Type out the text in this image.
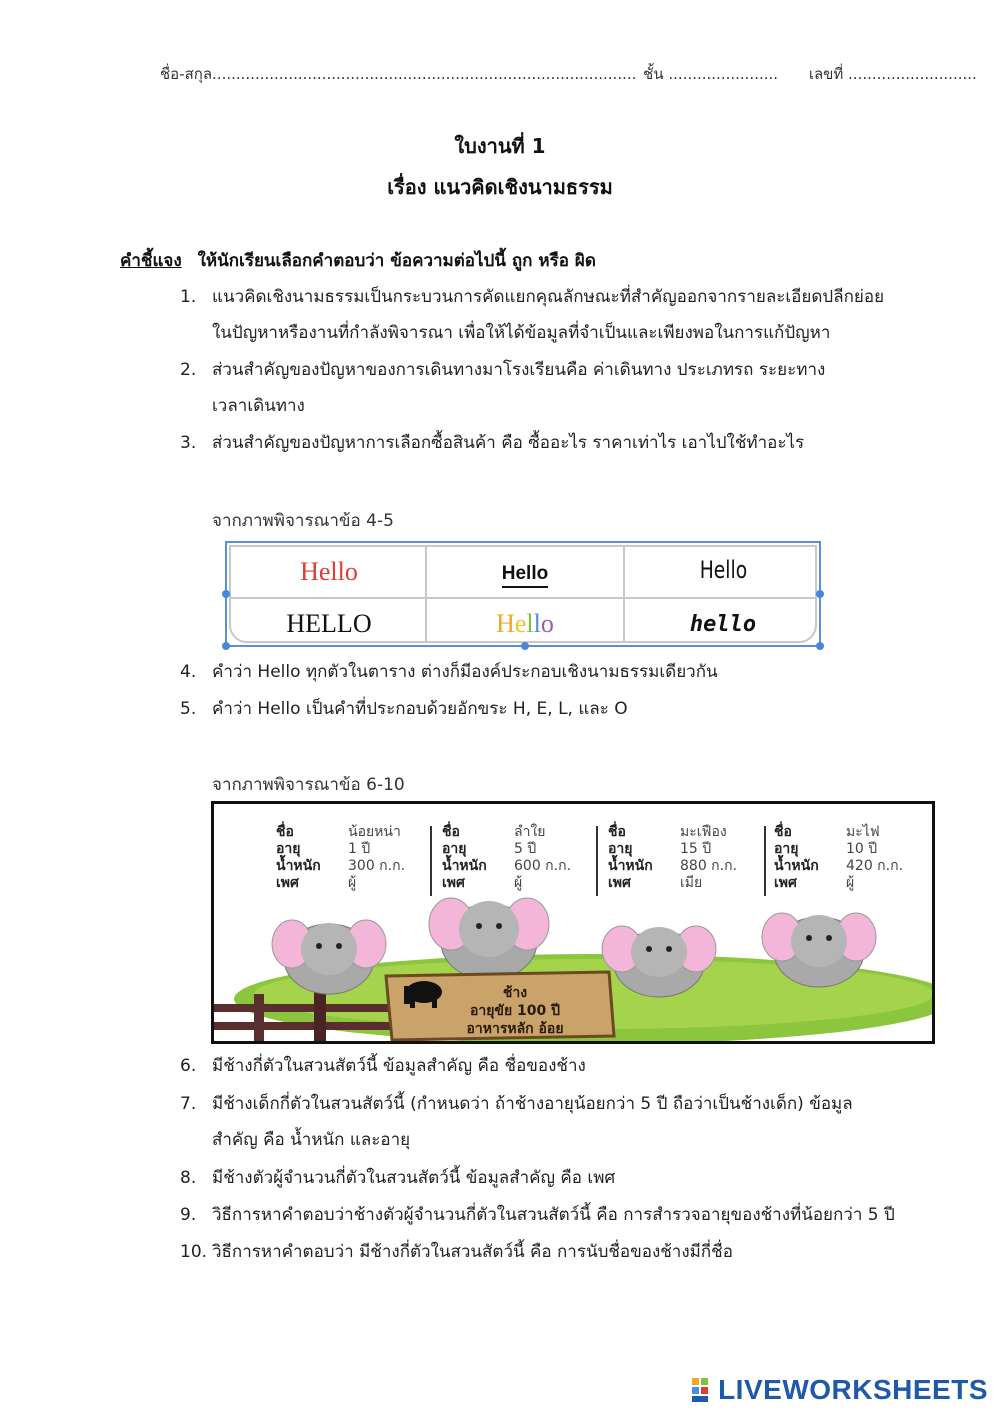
ชื่อ-สกุล......................................................................................... ชั้น ....................... เลขที่ ...........................
ใบงานที่ 1
เรื่อง แนวคิดเชิงนามธรรม
คำชี้แจง ให้นักเรียนเลือกคำตอบว่า ข้อความต่อไปนี้ ถูก หรือ ผิด
1. แนวคิดเชิงนามธรรมเป็นกระบวนการคัดแยกคุณลักษณะที่สำคัญออกจากรายละเอียดปลีกย่อย
ในปัญหาหรืองานที่กำลังพิจารณา เพื่อให้ได้ข้อมูลที่จำเป็นและเพียงพอในการแก้ปัญหา
2. ส่วนสำคัญของปัญหาของการเดินทางมาโรงเรียนคือ ค่าเดินทาง ประเภทรถ ระยะทาง
เวลาเดินทาง
3. ส่วนสำคัญของปัญหาการเลือกซื้อสินค้า คือ ซื้ออะไร ราคาเท่าไร เอาไปใช้ทำอะไร
จากภาพพิจารณาข้อ 4-5
Hello	Hello	Hello
HELLO	Hello	hello
4. คำว่า Hello ทุกตัวในตาราง ต่างก็มีองค์ประกอบเชิงนามธรรมเดียวกัน
5. คำว่า Hello เป็นคำที่ประกอบด้วยอักขระ H, E, L, และ O
จากภาพพิจารณาข้อ 6-10
ชื่อ	น้อยหน่า
อายุ	1 ปี
น้ำหนัก	300 ก.ก.
เพศ	ผู้
ชื่อ	ลำใย
อายุ	5 ปี
น้ำหนัก	600 ก.ก.
เพศ	ผู้
ชื่อ	มะเฟือง
อายุ	15 ปี
น้ำหนัก	880 ก.ก.
เพศ	เมีย
ชื่อ	มะไฟ
อายุ	10 ปี
น้ำหนัก	420 ก.ก.
เพศ	ผู้
ช้าง
อายุขัย 100 ปี
อาหารหลัก อ้อย
6. มีช้างกี่ตัวในสวนสัตว์นี้ ข้อมูลสำคัญ คือ ชื่อของช้าง
7. มีช้างเด็กกี่ตัวในสวนสัตว์นี้ (กำหนดว่า ถ้าช้างอายุน้อยกว่า 5 ปี ถือว่าเป็นช้างเด็ก) ข้อมูล
สำคัญ คือ น้ำหนัก และอายุ
8. มีช้างตัวผู้จำนวนกี่ตัวในสวนสัตว์นี้ ข้อมูลสำคัญ คือ เพศ
9. วิธีการหาคำตอบว่าช้างตัวผู้จำนวนกี่ตัวในสวนสัตว์นี้ คือ การสำรวจอายุของช้างที่น้อยกว่า 5 ปี
10. วิธีการหาคำตอบว่า มีช้างกี่ตัวในสวนสัตว์นี้ คือ การนับชื่อของช้างมีกี่ชื่อ
LIVEWORKSHEETS
